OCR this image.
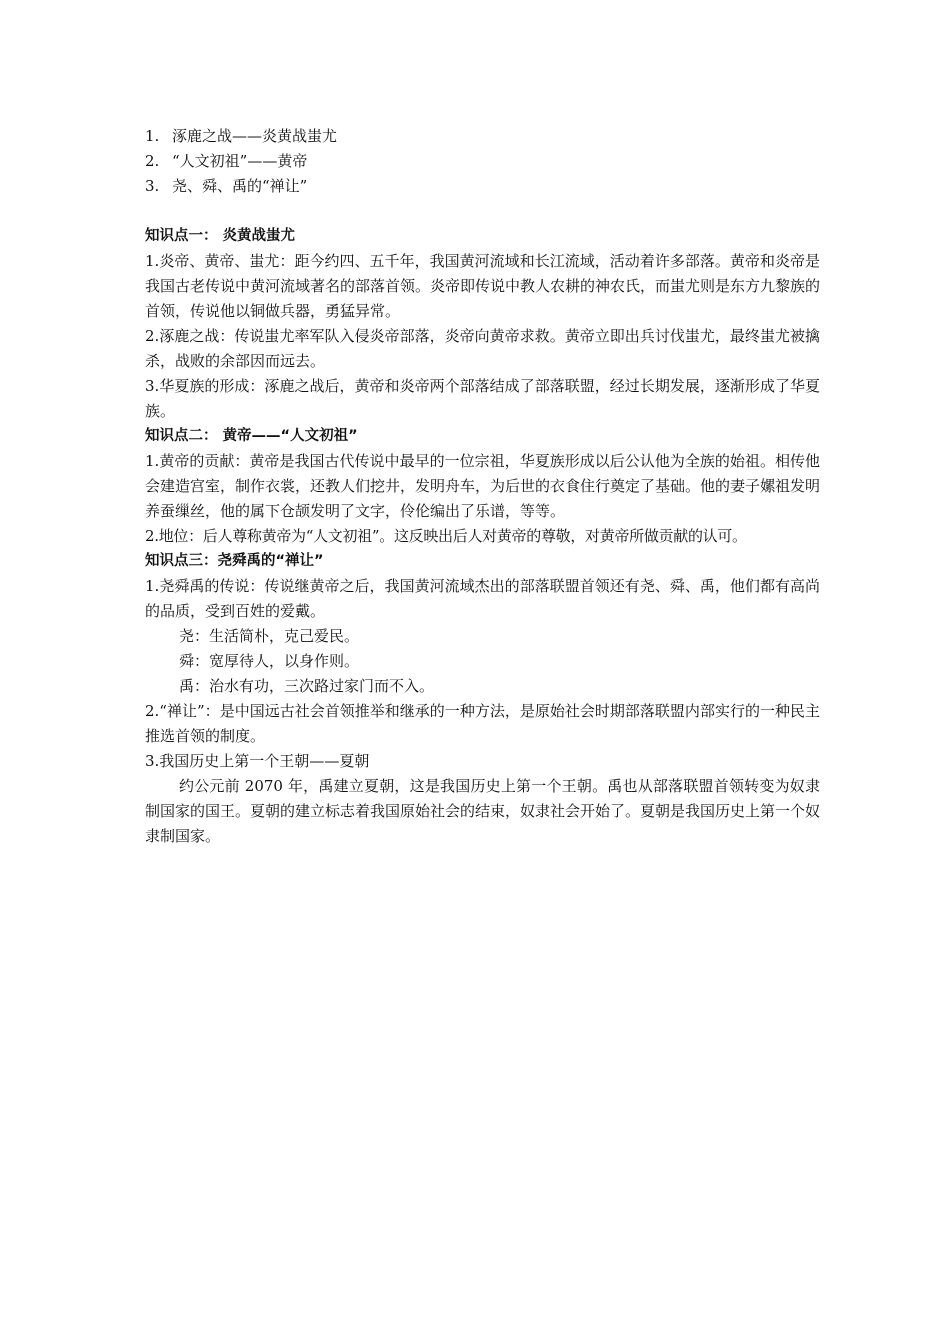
1. 涿鹿之战——炎黄战蚩尤
2. “人文初祖”——黄帝
3. 尧、舜、禹的“禅让”
知识点一： 炎黄战蚩尤

1.炎帝、黄帝、蚩尤：距今约四、五千年，我国黄河流域和长江流域，活动着许多部落。黄帝和炎帝是我国古老传说中黄河流域著名的部落首领。炎帝即传说中教人农耕的神农氏，而蚩尤则是东方九黎族的首领，传说他以铜做兵器，勇猛异常。

2.涿鹿之战：传说蚩尤率军队入侵炎帝部落，炎帝向黄帝求救。黄帝立即出兵讨伐蚩尤，最终蚩尤被擒杀，战败的余部因而远去。

3.华夏族的形成：涿鹿之战后，黄帝和炎帝两个部落结成了部落联盟，经过长期发展，逐渐形成了华夏族。

知识点二： 黄帝——“人文初祖”

1.黄帝的贡献：黄帝是我国古代传说中最早的一位宗祖，华夏族形成以后公认他为全族的始祖。相传他会建造宫室，制作衣裳，还教人们挖井，发明舟车，为后世的衣食住行奠定了基础。他的妻子嫘祖发明养蚕缫丝，他的属下仓颉发明了文字，伶伦编出了乐谱，等等。

2.地位：后人尊称黄帝为“人文初祖”。这反映出后人对黄帝的尊敬，对黄帝所做贡献的认可。

知识点三：尧舜禹的“禅让”

1.尧舜禹的传说：传说继黄帝之后，我国黄河流域杰出的部落联盟首领还有尧、舜、禹，他们都有高尚的品质，受到百姓的爱戴。

尧：生活简朴，克己爱民。

舜：宽厚待人，以身作则。

禹：治水有功，三次路过家门而不入。

2.“禅让”：是中国远古社会首领推举和继承的一种方法，是原始社会时期部落联盟内部实行的一种民主推选首领的制度。

3.我国历史上第一个王朝——夏朝

约公元前 2070 年，禹建立夏朝，这是我国历史上第一个王朝。禹也从部落联盟首领转变为奴隶制国家的国王。夏朝的建立标志着我国原始社会的结束，奴隶社会开始了。夏朝是我国历史上第一个奴隶制国家。
